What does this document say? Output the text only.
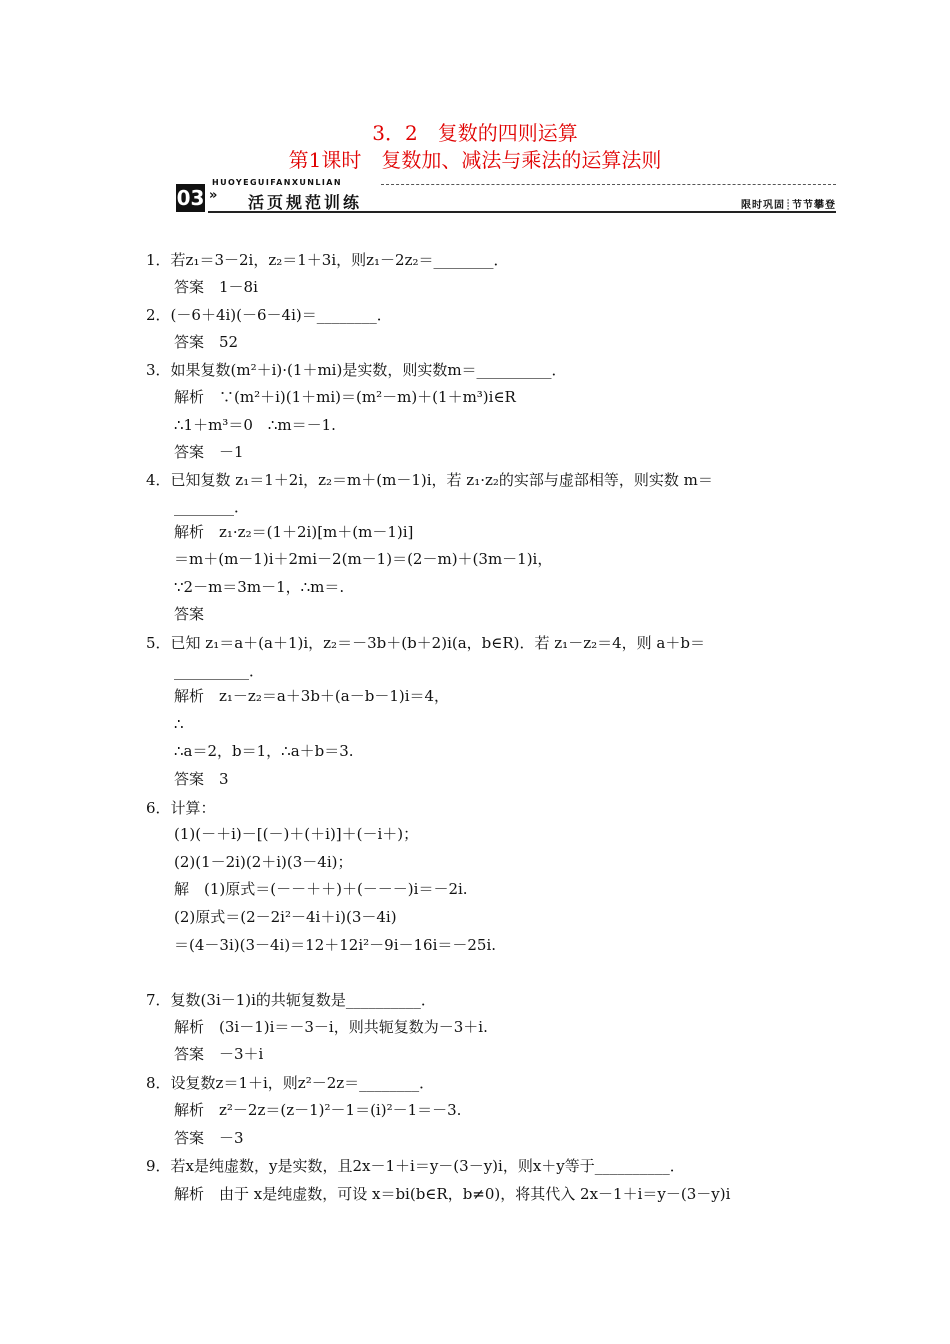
3．2　复数的四则运算
第1课时　复数加、减法与乘法的运算法则
03 »
HUOYEGUIFANXUNLIAN
活页规范训练	限时巩固┊节节攀登
1．若z₁＝3－2i，z₂＝1＋3i，则z₁－2z₂＝________．
答案　1－8i
2．(－6＋4i)(－6－4i)＝________．
答案　52
3．如果复数(m²＋i)·(1＋mi)是实数，则实数m＝__________．
解析　∵(m²＋i)(1＋mi)＝(m²－m)＋(1＋m³)i∈R
∴1＋m³＝0　∴m＝－1.
答案　－1
4．已知复数 z₁＝1＋2i，z₂＝m＋(m－1)i，若 z₁·z₂的实部与虚部相等，则实数 m＝
________．
解析　z₁·z₂＝(1＋2i)[m＋(m－1)i]
＝m＋(m－1)i＋2mi－2(m－1)＝(2－m)＋(3m－1)i，
∵2－m＝3m－1，∴m＝.
答案
5．已知 z₁＝a＋(a＋1)i，z₂＝－3b＋(b＋2)i(a，b∈R)．若 z₁－z₂＝4，则 a＋b＝
__________．
解析　z₁－z₂＝a＋3b＋(a－b－1)i＝4，
∴
∴a＝2，b＝1，∴a＋b＝3.
答案　3
6．计算：
(1)(－＋i)－[(－)＋(＋i)]＋(－i＋)；
(2)(1－2i)(2＋i)(3－4i)；
解　(1)原式＝(－－＋＋)＋(－－－)i＝－2i.
(2)原式＝(2－2i²－4i＋i)(3－4i)
＝(4－3i)(3－4i)＝12＋12i²－9i－16i＝－25i.
7．复数(3i－1)i的共轭复数是__________．
解析　(3i－1)i＝－3－i，则共轭复数为－3＋i.
答案　－3＋i
8．设复数z＝1＋i，则z²－2z＝________．
解析　z²－2z＝(z－1)²－1＝(i)²－1＝－3.
答案　－3
9．若x是纯虚数，y是实数，且2x－1＋i＝y－(3－y)i，则x＋y等于__________．
解析　由于 x是纯虚数，可设 x＝bi(b∈R，b≠0)，将其代入 2x－1＋i＝y－(3－y)i
